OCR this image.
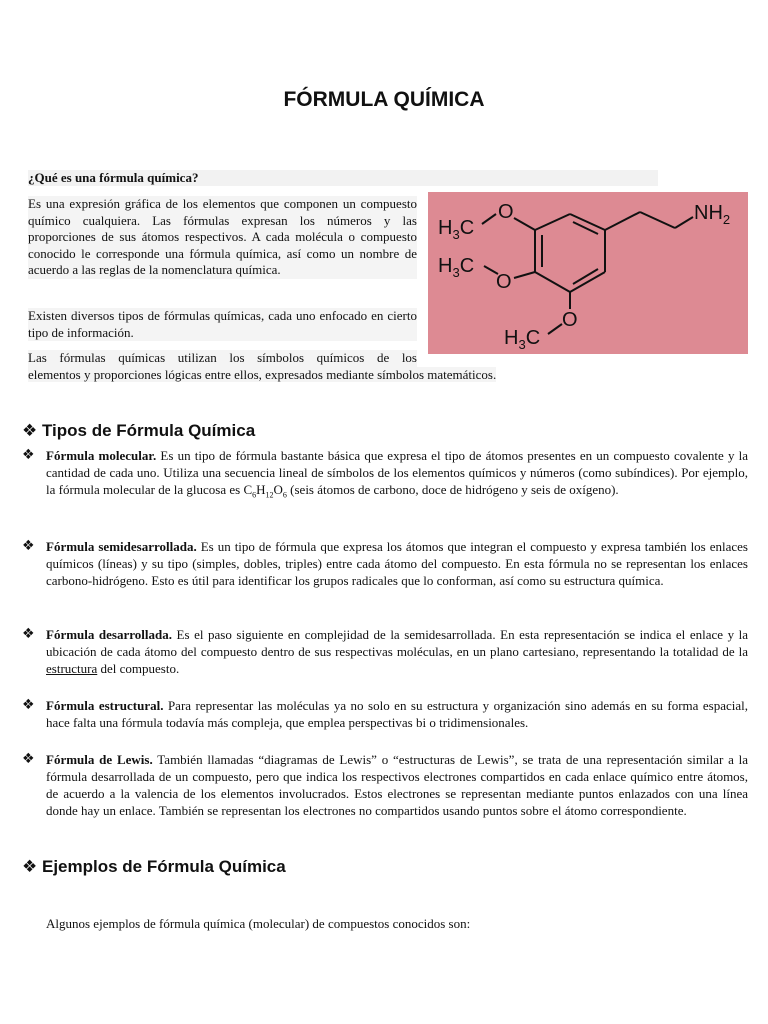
FÓRMULA QUÍMICA
¿Qué es una fórmula química?
Es una expresión gráfica de los elementos que componen un compuesto químico cualquiera. Las fórmulas expresan los números y las proporciones de sus átomos respectivos. A cada molécula o compuesto conocido le corresponde una fórmula química, así como un nombre de acuerdo a las reglas de la nomenclatura química.
Existen diversos tipos de fórmulas químicas, cada uno enfocado en cierto tipo de información.
Las fórmulas químicas utilizan los símbolos químicos de los
elementos y proporciones lógicas entre ellos, expresados mediante símbolos matemáticos.
$NH_2$
O
$H_3C$
$H_3C$
O
O
$H_3C$
❖ Tipos de Fórmula Química
❖ Fórmula molecular. Es un tipo de fórmula bastante básica que expresa el tipo de átomos presentes en un compuesto covalente y la cantidad de cada uno. Utiliza una secuencia lineal de símbolos de los elementos químicos y números (como subíndices). Por ejemplo, la fórmula molecular de la glucosa es $C_6H_{12}O_6$ (seis átomos de carbono, doce de hidrógeno y seis de oxígeno).
❖ Fórmula semidesarrollada. Es un tipo de fórmula que expresa los átomos que integran el compuesto y expresa también los enlaces químicos (líneas) y su tipo (simples, dobles, triples) entre cada átomo del compuesto. En esta fórmula no se representan los enlaces carbono-hidrógeno. Esto es útil para identificar los grupos radicales que lo conforman, así como su estructura química.
❖ Fórmula desarrollada. Es el paso siguiente en complejidad de la semidesarrollada. En esta representación se indica el enlace y la ubicación de cada átomo del compuesto dentro de sus respectivas moléculas, en un plano cartesiano, representando la totalidad de la estructura del compuesto.
❖ Fórmula estructural. Para representar las moléculas ya no solo en su estructura y organización sino además en su forma espacial, hace falta una fórmula todavía más compleja, que emplea perspectivas bi o tridimensionales.
❖ Fórmula de Lewis. También llamadas “diagramas de Lewis” o “estructuras de Lewis”, se trata de una representación similar a la fórmula desarrollada de un compuesto, pero que indica los respectivos electrones compartidos en cada enlace químico entre átomos, de acuerdo a la valencia de los elementos involucrados. Estos electrones se representan mediante puntos enlazados con una línea donde hay un enlace. También se representan los electrones no compartidos usando puntos sobre el átomo correspondiente.
❖ Ejemplos de Fórmula Química
Algunos ejemplos de fórmula química (molecular) de compuestos conocidos son:
